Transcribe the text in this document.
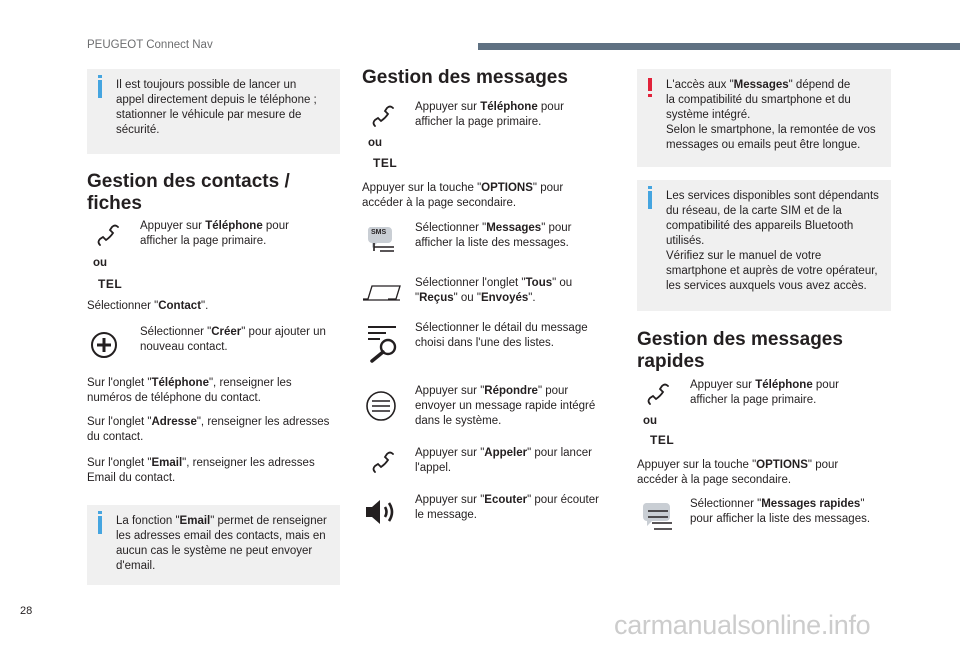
PEUGEOT Connect Nav
Il est toujours possible de lancer un
appel directement depuis le téléphone ;
stationner le véhicule par mesure de
sécurité.
Gestion des contacts /
fiches
Appuyer sur Téléphone pour
afficher la page primaire.
ou
TEL
Sélectionner "Contact".
Sélectionner "Créer" pour ajouter un
nouveau contact.
Sur l'onglet "Téléphone", renseigner les
numéros de téléphone du contact.
Sur l'onglet "Adresse", renseigner les adresses
du contact.
Sur l'onglet "Email", renseigner les adresses
Email du contact.
La fonction "Email" permet de renseigner
les adresses email des contacts, mais en
aucun cas le système ne peut envoyer
d'email.
Gestion des messages
Appuyer sur Téléphone pour
afficher la page primaire.
ou
TEL
Appuyer sur la touche "OPTIONS" pour
accéder à la page secondaire.
SMS	Sélectionner "Messages" pour
afficher la liste des messages.
Sélectionner l'onglet "Tous" ou
"Reçus" ou "Envoyés".
Sélectionner le détail du message
choisi dans l'une des listes.
Appuyer sur "Répondre" pour
envoyer un message rapide intégré
dans le système.
Appuyer sur "Appeler" pour lancer
l'appel.
Appuyer sur "Ecouter" pour écouter
le message.
L'accès aux "Messages" dépend de
la compatibilité du smartphone et du
système intégré.
Selon le smartphone, la remontée de vos
messages ou emails peut être longue.
Les services disponibles sont dépendants
du réseau, de la carte SIM et de la
compatibilité des appareils Bluetooth
utilisés.
Vérifiez sur le manuel de votre
smartphone et auprès de votre opérateur,
les services auxquels vous avez accès.
Gestion des messages
rapides
Appuyer sur Téléphone pour
afficher la page primaire.
ou
TEL
Appuyer sur la touche "OPTIONS" pour
accéder à la page secondaire.
Sélectionner "Messages rapides"
pour afficher la liste des messages.
28	carmanualsonline.info
